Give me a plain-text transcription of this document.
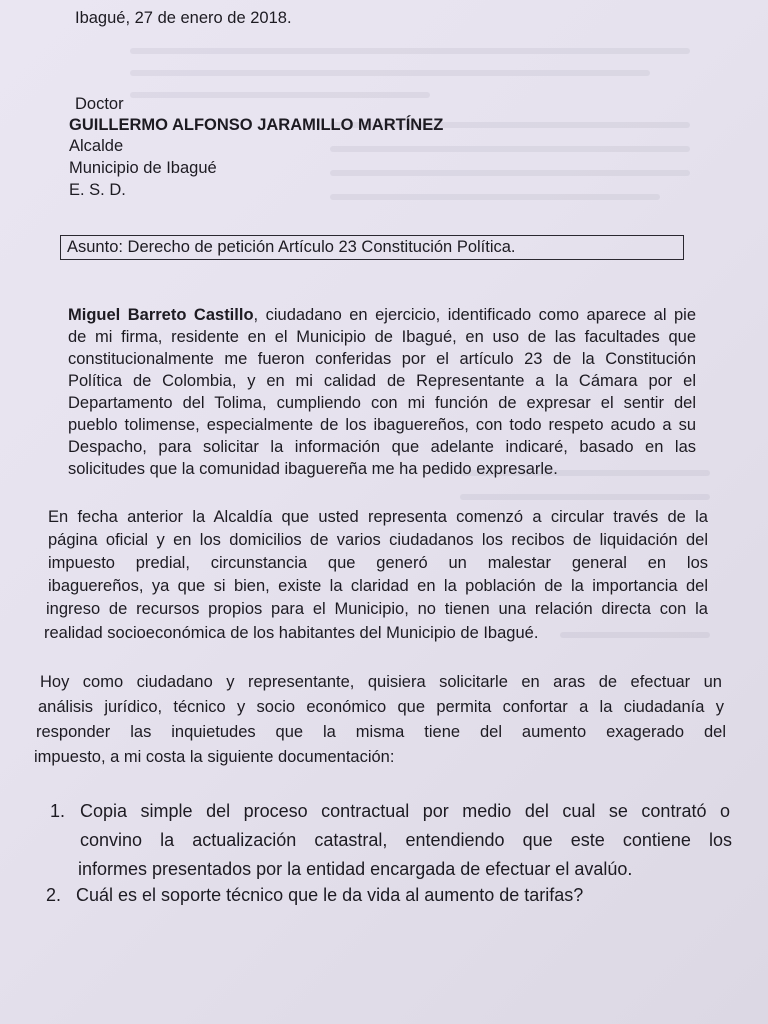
Ibagué, 27 de enero de 2018.
Doctor
GUILLERMO ALFONSO JARAMILLO MARTÍNEZ
Alcalde
Municipio de Ibagué
E. S. D.
Asunto: Derecho de petición Artículo 23 Constitución Política.
Miguel Barreto Castillo, ciudadano en ejercicio, identificado como aparece al pie
de mi firma, residente en el Municipio de Ibagué, en uso de las facultades que
constitucionalmente me fueron conferidas por el artículo 23 de la Constitución
Política de Colombia, y en mi calidad de Representante a la Cámara por el
Departamento del Tolima, cumpliendo con mi función de expresar el sentir del
pueblo tolimense, especialmente de los ibaguereños, con todo respeto acudo a su
Despacho, para solicitar la información que adelante indicaré, basado en las
solicitudes que la comunidad ibaguereña me ha pedido expresarle.
En fecha anterior la Alcaldía que usted representa comenzó a circular través de la
página oficial y en los domicilios de varios ciudadanos los recibos de liquidación del
impuesto predial, circunstancia que generó un malestar general en los
ibaguereños, ya que si bien, existe la claridad en la población de la importancia del
ingreso de recursos propios para el Municipio, no tienen una relación directa con la
realidad socioeconómica de los habitantes del Municipio de Ibagué.
Hoy como ciudadano y representante, quisiera solicitarle en aras de efectuar un
análisis jurídico, técnico y socio económico que permita confortar a la ciudadanía y
responder las inquietudes que la misma tiene del aumento exagerado del
impuesto, a mi costa la siguiente documentación:
1. Copia simple del proceso contractual por medio del cual se contrató o
convino la actualización catastral, entendiendo que este contiene los
informes presentados por la entidad encargada de efectuar el avalúo.
2. Cuál es el soporte técnico que le da vida al aumento de tarifas?
